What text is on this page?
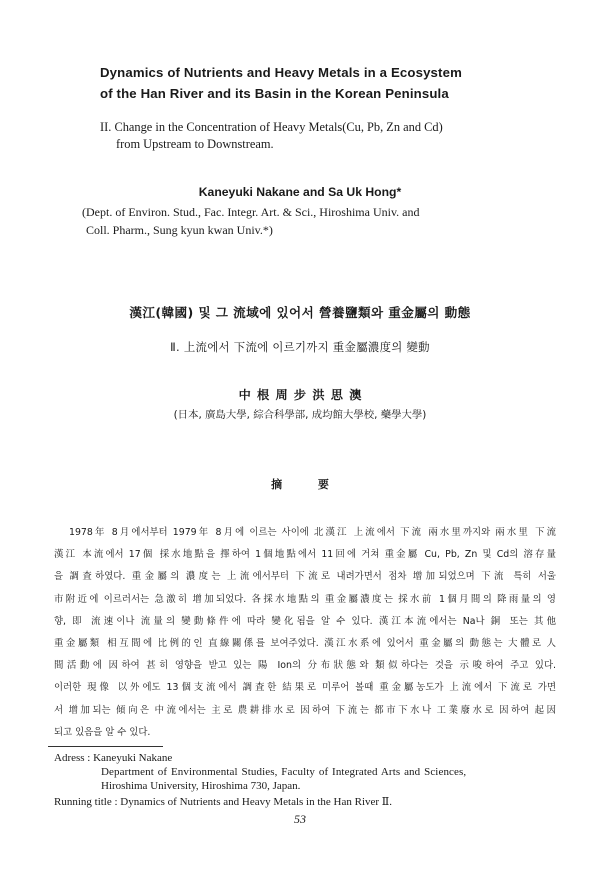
Dynamics of Nutrients and Heavy Metals in a Ecosystem
of the Han River and its Basin in the Korean Peninsula
II. Change in the Concentration of Heavy Metals(Cu, Pb, Zn and Cd)
from Upstream to Downstream.
Kaneyuki Nakane and Sa Uk Hong*
(Dept. of Environ. Stud., Fac. Integr. Art. & Sci., Hiroshima Univ. and
Coll. Pharm., Sung kyun kwan Univ.*)
漢江(韓國) 및 그 流域에 있어서 營養鹽類와 重金屬의 動態
Ⅱ. 上流에서 下流에 이르기까지 重金屬濃度의 變動
中 根 周 步 洪 思 澳
(日本, 廣島大學, 綜合科學部, 成均館大學校, 藥學大學)
摘 要

1978年 8月에서부터 1979年 8月에 이르는 사이에 北漢江 上流에서 下流 兩水里까지와 兩水里 下流

漢江 本流에서 17個 採水地點을 擇하여 1個地點에서 11回에 거쳐 重金屬 Cu, Pb, Zn 및 Cd의 溶存量

을 調査하였다. 重金屬의 濃度는 上流에서부터 下流로 내려가면서 점차 增加되었으며 下流 특히 서울

市附近에 이르러서는 急激히 增加되었다. 各採水地點의 重金屬濃度는 採水前 1個月間의 降雨量의 영

향, 即 流速이나 流量의 變動條件에 따라 變化됨을 알 수 있다. 漢江本流에서는 Na나 銅 또는 其他

重金屬類 相互間에 比例的인 直線關係를 보여주었다. 漢江水系에 있어서 重金屬의 動態는 大體로 人

間活動에 因하여 甚히 영향을 받고 있는 陽 Ion의 分布狀態와 類似하다는 것을 示唆하여 주고 있다.

이러한 現像 以外에도 13個支流에서 調査한 結果로 미루어 볼때 重金屬농도가 上流에서 下流로 가면

서 增加되는 傾向은 中流에서는 主로 農耕排水로 因하여 下流는 都市下水나 工業廢水로 因하여 起因

되고 있음을 알 수 있다.

Adress : Kaneyuki Nakane
Department of Environmental Studies, Faculty of Integrated Arts and Sciences,
Hiroshima University, Hiroshima 730, Japan.
Running title : Dynamics of Nutrients and Heavy Metals in the Han River Ⅱ.
53
